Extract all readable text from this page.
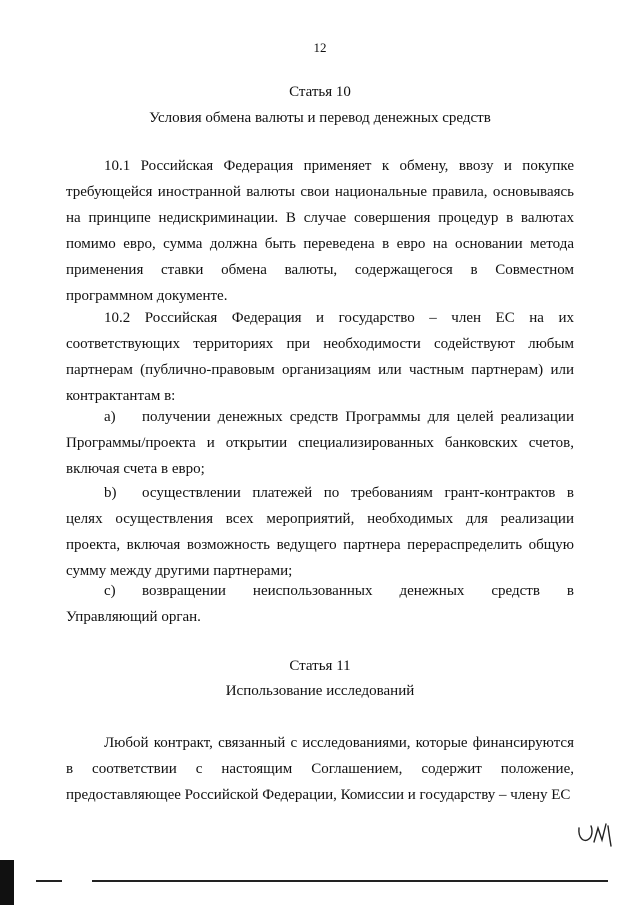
12
Статья 10
Условия обмена валюты и перевод денежных средств

10.1 Российская Федерация применяет к обмену, ввозу и покупке требующейся иностранной валюты свои национальные правила, основываясь на принципе недискриминации. В случае совершения процедур в валютах помимо евро, сумма должна быть переведена в евро на основании метода применения ставки обмена валюты, содержащегося в Совместном программном документе.

10.2 Российская Федерация и государство – член ЕС на их соответствующих территориях при необходимости содействуют любым партнерам (публично-правовым организациям или частным партнерам) или контрактантам в:

a) получении денежных средств Программы для целей реализации Программы/проекта и открытии специализированных банковских счетов, включая счета в евро;

b) осуществлении платежей по требованиям грант-контрактов в целях осуществления всех мероприятий, необходимых для реализации проекта, включая возможность ведущего партнера перераспределить общую сумму между другими партнерами;

c) возвращении неиспользованных денежных средств в Управляющий орган.

Статья 11
Использование исследований

Любой контракт, связанный с исследованиями, которые финансируются в соответствии с настоящим Соглашением, содержит положение, предоставляющее Российской Федерации, Комиссии и государству – члену ЕС
